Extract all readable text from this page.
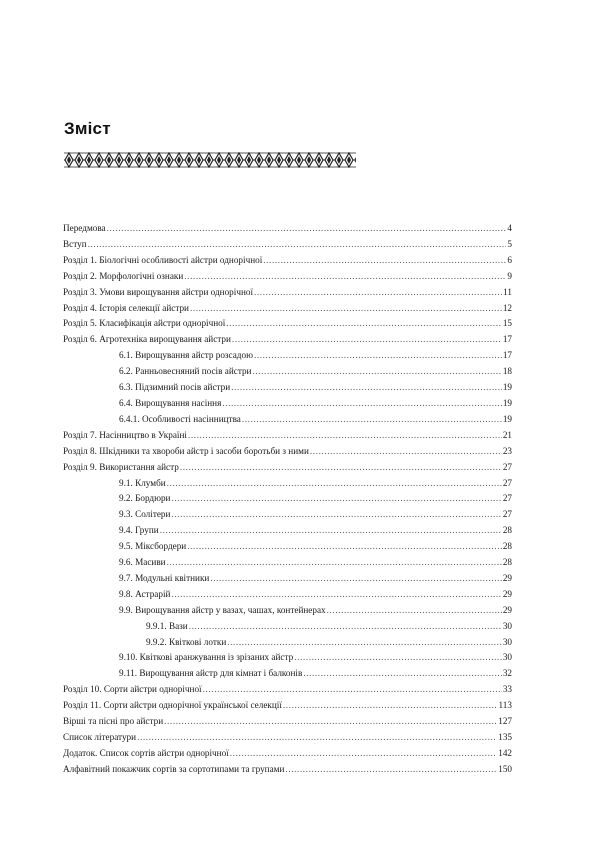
Зміст
Передмова .....	4
Вступ .....	5
Розділ 1. Біологічні особливості айстри однорічної .....	6
Розділ 2. Морфологічні ознаки .....	9
Розділ 3. Умови вирощування айстри однорічної .....	11
Розділ 4. Історія селекції айстри .....	12
Розділ 5. Класифікація айстри однорічної .....	15
Розділ 6. Агротехніка вирощування айстри .....	17
6.1. Вирощування айстр розсадою .....	17
6.2. Ранньовесняний посів айстри .....	18
6.3. Підзимний посів айстри .....	19
6.4. Вирощування насіння .....	19
6.4.1. Особливості насінництва .....	19
Розділ 7. Насінництво в Україні .....	21
Розділ 8. Шкідники та хвороби айстр і засоби боротьби з ними .....	23
Розділ 9. Використання айстр .....	27
9.1. Клумби .....	27
9.2. Бордюри .....	27
9.3. Солітери .....	27
9.4. Групи .....	28
9.5. Міксбордери .....	28
9.6. Масиви .....	28
9.7. Модульні квітники .....	29
9.8. Астрарій .....	29
9.9. Вирощування айстр у вазах, чашах, контейнерах .....	29
9.9.1. Вази .....	30
9.9.2. Квіткові лотки .....	30
9.10. Квіткові аранжування із зрізаних айстр .....	30
9.11. Вирощування айстр для кімнат і балконів .....	32
Розділ 10. Сорти айстри однорічної .....	33
Розділ 11. Сорти айстри однорічної української селекції .....	113
Вірші та пісні про айстри .....	127
Список літератури .....	135
Додаток. Список сортів айстри однорічної .....	142
Алфавітний покажчик сортів за сортотипами та групами .....	150
